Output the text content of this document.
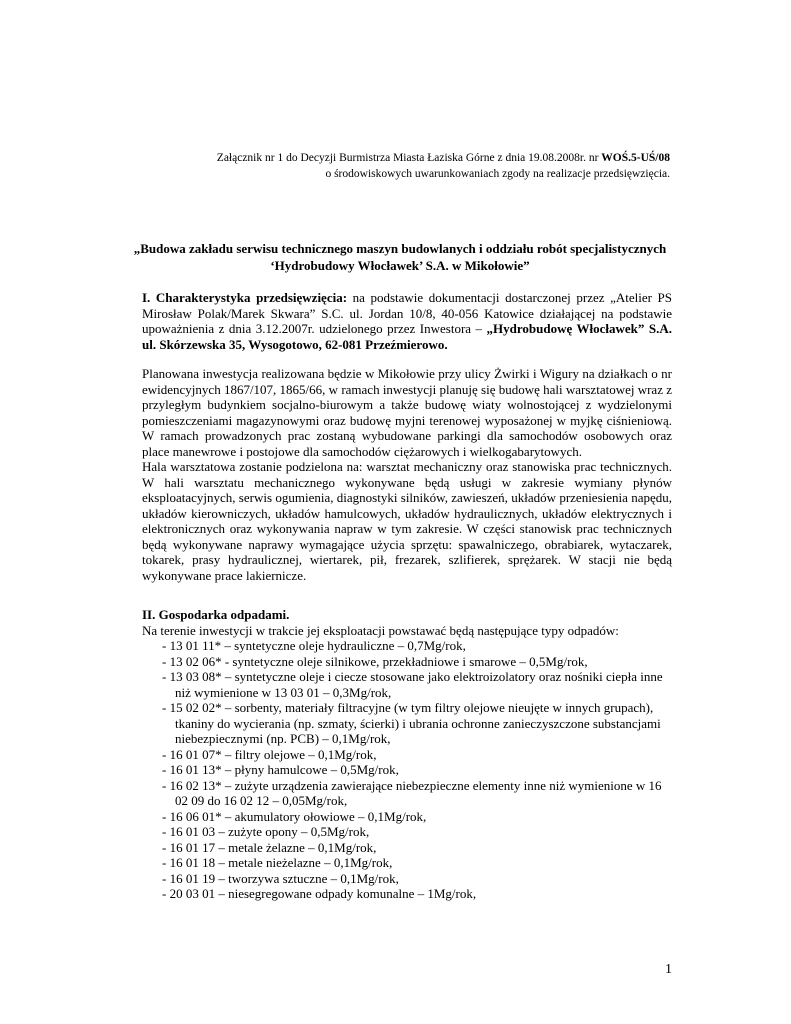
Załącznik nr 1 do Decyzji Burmistrza Miasta Łaziska Górne z dnia 19.08.2008r. nr WOŚ.5-UŚ/08
o środowiskowych uwarunkowaniach zgody na realizacje przedsięwzięcia.
„Budowa zakładu serwisu technicznego maszyn budowlanych i oddziału robót specjalistycznych
‘Hydrobudowy Włocławek’ S.A. w Mikołowie”

I. Charakterystyka przedsięwzięcia: na podstawie dokumentacji dostarczonej przez „Atelier PS Mirosław Polak/Marek Skwara” S.C. ul. Jordan 10/8, 40-056 Katowice działającej na podstawie upoważnienia z dnia 3.12.2007r. udzielonego przez Inwestora – „Hydrobudowę Włocławek” S.A. ul. Skórzewska 35, Wysogotowo, 62-081 Przeźmierowo.

Planowana inwestycja realizowana będzie w Mikołowie przy ulicy Żwirki i Wigury na działkach o nr ewidencyjnych 1867/107, 1865/66, w ramach inwestycji planuję się budowę hali warsztatowej wraz z przyległym budynkiem socjalno-biurowym a także budowę wiaty wolnostojącej z wydzielonymi pomieszczeniami magazynowymi oraz budowę myjni terenowej wyposażonej w myjkę ciśnieniową. W ramach prowadzonych prac zostaną wybudowane parkingi dla samochodów osobowych oraz place manewrowe i postojowe dla samochodów ciężarowych i wielkogabarytowych.

Hala warsztatowa zostanie podzielona na: warsztat mechaniczny oraz stanowiska prac technicznych. W hali warsztatu mechanicznego wykonywane będą usługi w zakresie wymiany płynów eksploatacyjnych, serwis ogumienia, diagnostyki silników, zawieszeń, układów przeniesienia napędu, układów kierowniczych, układów hamulcowych, układów hydraulicznych, układów elektrycznych i elektronicznych oraz wykonywania napraw w tym zakresie. W części stanowisk prac technicznych będą wykonywane naprawy wymagające użycia sprzętu: spawalniczego, obrabiarek, wytaczarek, tokarek, prasy hydraulicznej, wiertarek, pił, frezarek, szlifierek, sprężarek. W stacji nie będą wykonywane prace lakiernicze.

II. Gospodarka odpadami.

Na terenie inwestycji w trakcie jej eksploatacji powstawać będą następujące typy odpadów:

- 13 01 11* – syntetyczne oleje hydrauliczne – 0,7Mg/rok,
- 13 02 06* - syntetyczne oleje silnikowe, przekładniowe i smarowe – 0,5Mg/rok,
- 13 03 08* – syntetyczne oleje i ciecze stosowane jako elektroizolatory oraz nośniki ciepła inne niż wymienione w 13 03 01 – 0,3Mg/rok,
- 15 02 02* – sorbenty, materiały filtracyjne (w tym filtry olejowe nieujęte w innych grupach), tkaniny do wycierania (np. szmaty, ścierki) i ubrania ochronne zanieczyszczone substancjami niebezpiecznymi (np. PCB) – 0,1Mg/rok,
- 16 01 07* – filtry olejowe – 0,1Mg/rok,
- 16 01 13* – płyny hamulcowe – 0,5Mg/rok,
- 16 02 13* – zużyte urządzenia zawierające niebezpieczne elementy inne niż wymienione w 16 02 09 do 16 02 12 – 0,05Mg/rok,
- 16 06 01* – akumulatory ołowiowe – 0,1Mg/rok,
- 16 01 03 – zużyte opony – 0,5Mg/rok,
- 16 01 17 – metale żelazne – 0,1Mg/rok,
- 16 01 18 – metale nieżelazne – 0,1Mg/rok,
- 16 01 19 – tworzywa sztuczne – 0,1Mg/rok,
- 20 03 01 – niesegregowane odpady komunalne – 1Mg/rok,
1
